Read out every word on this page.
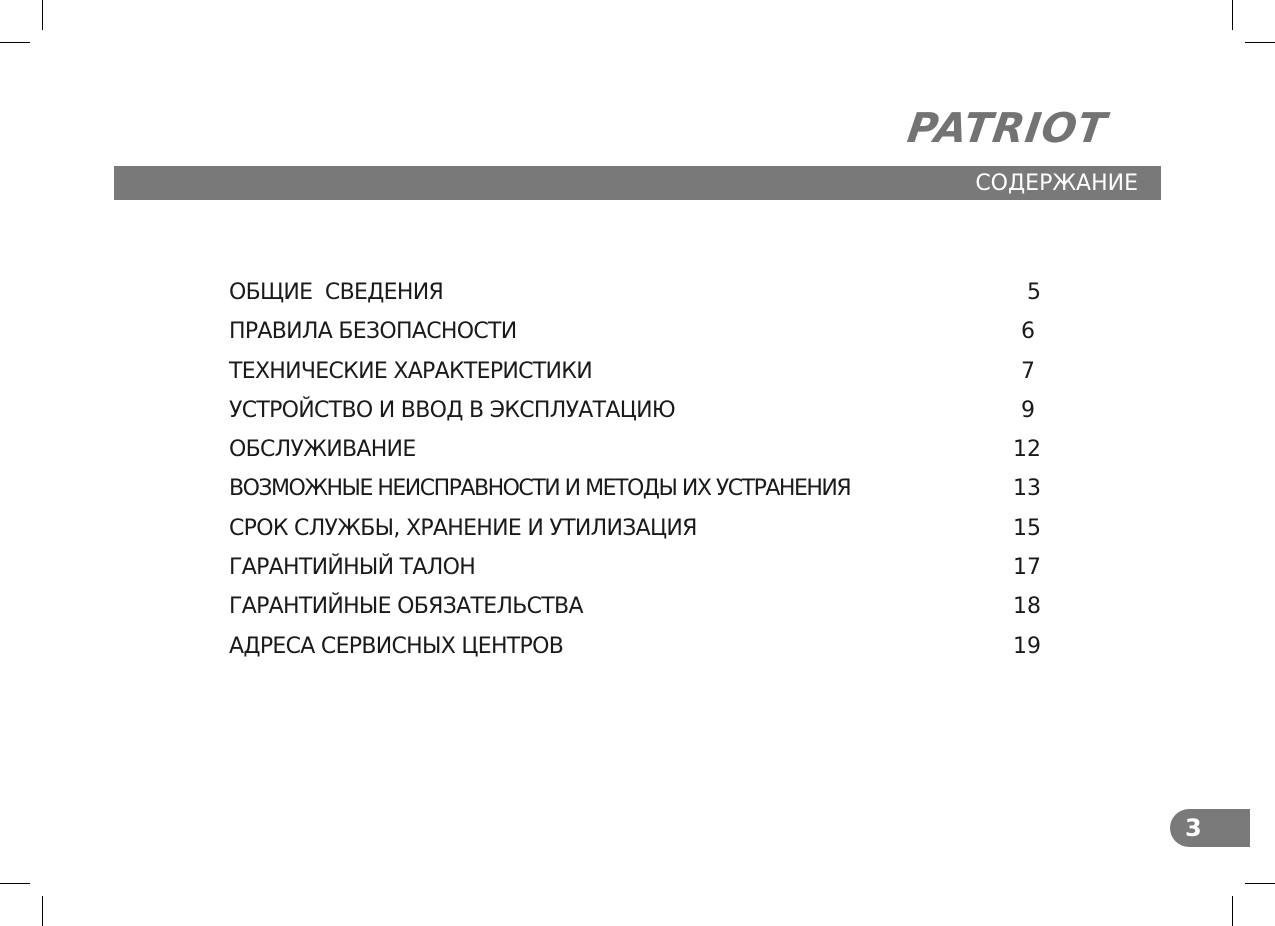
PATRIOT
СОДЕРЖАНИЕ
ОБЩИЕ  СВЕДЕНИЯ	5
ПРАВИЛА БЕЗОПАСНОСТИ	6
ТЕХНИЧЕСКИЕ ХАРАКТЕРИСТИКИ	7
УСТРОЙСТВО И ВВОД В ЭКСПЛУАТАЦИЮ	9
ОБСЛУЖИВАНИЕ	12
ВОЗМОЖНЫЕ НЕИСПРАВНОСТИ И МЕТОДЫ ИХ УСТРАНЕНИЯ	13
СРОК СЛУЖБЫ, ХРАНЕНИЕ И УТИЛИЗАЦИЯ	15
ГАРАНТИЙНЫЙ ТАЛОН	17
ГАРАНТИЙНЫЕ ОБЯЗАТЕЛЬСТВА	18
АДРЕСА СЕРВИСНЫХ ЦЕНТРОВ	19
3
